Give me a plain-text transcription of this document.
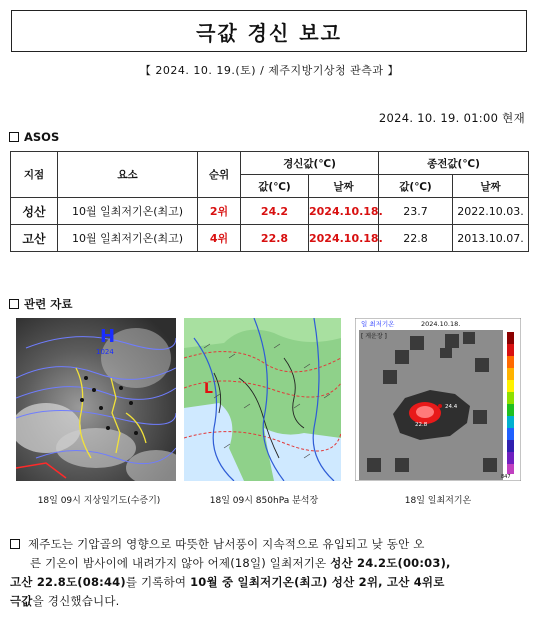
극값 경신 보고
【 2024. 10. 19.(토) / 제주지방기상청 관측과 】
2024. 10. 19. 01:00 현재
ASOS
지점	요소	순위	경신값(℃)		종전값(℃)	
			값(℃)	날짜	값(℃)	날짜
성산	10월 일최저기온(최고)	2위	24.2	2024.10.18.	23.7	2022.10.03.
고산	10월 일최저기온(최고)	4위	22.8	2024.10.18.	22.8	2013.10.07.
관련 자료
H
1024
18일 09시 지상일기도(수증기)
L
18일 09시 850hPa 분석장
일 최저기온	2024.10.18.
[ 게운장 ]
24.4
22.8
847
18일 일최저기온
제주도는 기압골의 영향으로 따뜻한 남서풍이 지속적으로 유입되고 낮 동안 오
른 기온이 밤사이에 내려가지 않아 어제(18일) 일최저기온 성산 24.2도(00:03),
고산 22.8도(08:44)를 기록하여 10월 중 일최저기온(최고) 성산 2위, 고산 4위로
극값을 경신했습니다.
